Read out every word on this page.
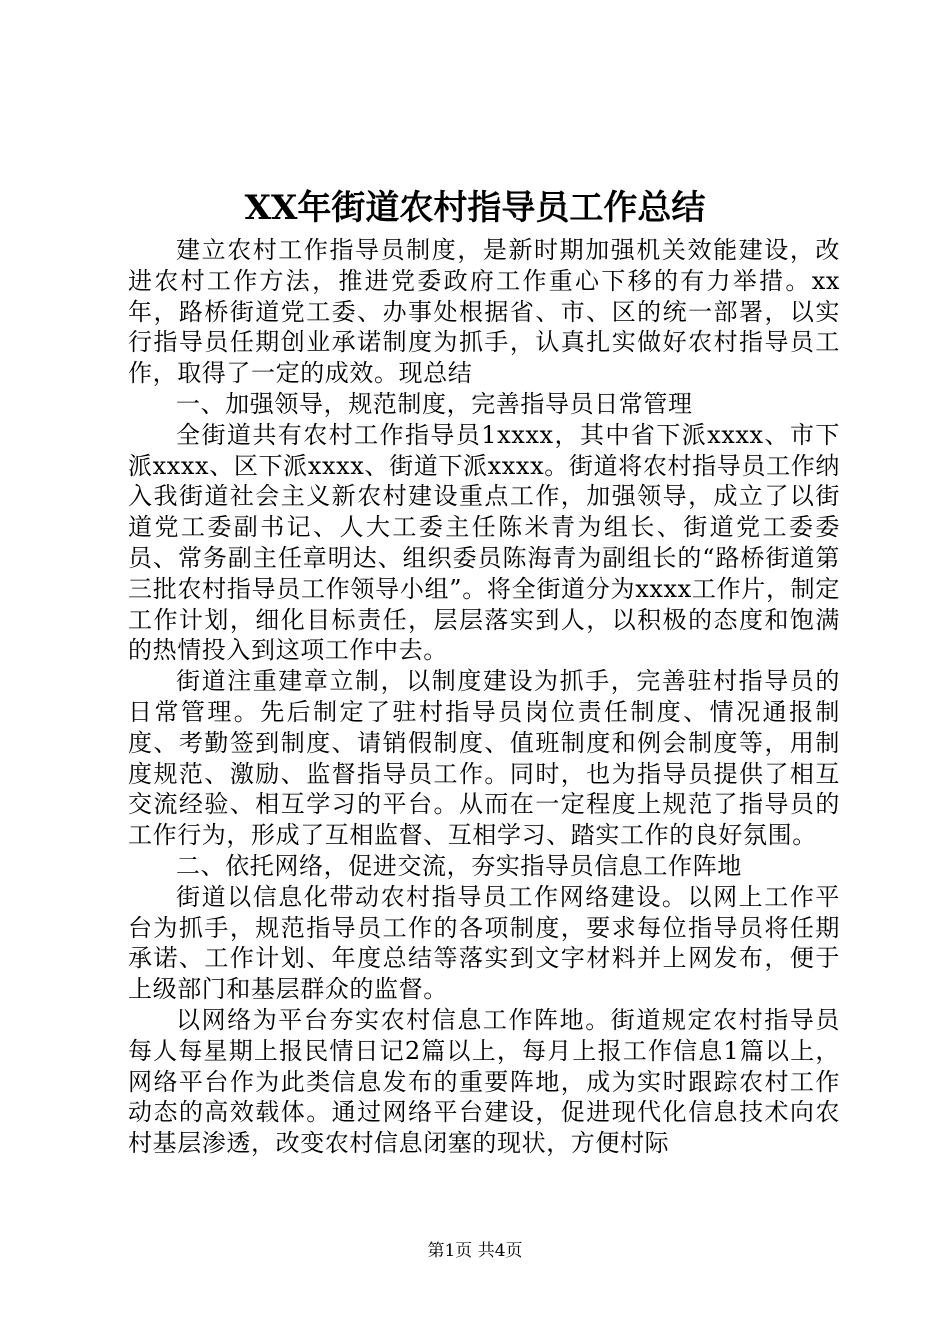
XX年街道农村指导员工作总结

建立农村工作指导员制度，是新时期加强机关效能建设，改进农村工作方法，推进党委政府工作重心下移的有力举措。xx年，路桥街道党工委、办事处根据省、市、区的统一部署，以实行指导员任期创业承诺制度为抓手，认真扎实做好农村指导员工作，取得了一定的成效。现总结

一、加强领导，规范制度，完善指导员日常管理

全街道共有农村工作指导员1xxxx，其中省下派xxxx、市下派xxxx、区下派xxxx、街道下派xxxx。街道将农村指导员工作纳入我街道社会主义新农村建设重点工作，加强领导，成立了以街道党工委副书记、人大工委主任陈米青为组长、街道党工委委员、常务副主任章明达、组织委员陈海青为副组长的“路桥街道第三批农村指导员工作领导小组”。将全街道分为xxxx工作片，制定工作计划，细化目标责任，层层落实到人，以积极的态度和饱满的热情投入到这项工作中去。

街道注重建章立制，以制度建设为抓手，完善驻村指导员的日常管理。先后制定了驻村指导员岗位责任制度、情况通报制度、考勤签到制度、请销假制度、值班制度和例会制度等，用制度规范、激励、监督指导员工作。同时，也为指导员提供了相互交流经验、相互学习的平台。从而在一定程度上规范了指导员的工作行为，形成了互相监督、互相学习、踏实工作的良好氛围。

二、依托网络，促进交流，夯实指导员信息工作阵地

街道以信息化带动农村指导员工作网络建设。以网上工作平台为抓手，规范指导员工作的各项制度，要求每位指导员将任期承诺、工作计划、年度总结等落实到文字材料并上网发布，便于上级部门和基层群众的监督。

以网络为平台夯实农村信息工作阵地。街道规定农村指导员每人每星期上报民情日记2篇以上，每月上报工作信息1篇以上，网络平台作为此类信息发布的重要阵地，成为实时跟踪农村工作动态的高效载体。通过网络平台建设，促进现代化信息技术向农村基层渗透，改变农村信息闭塞的现状，方便村际

第1页 共4页
